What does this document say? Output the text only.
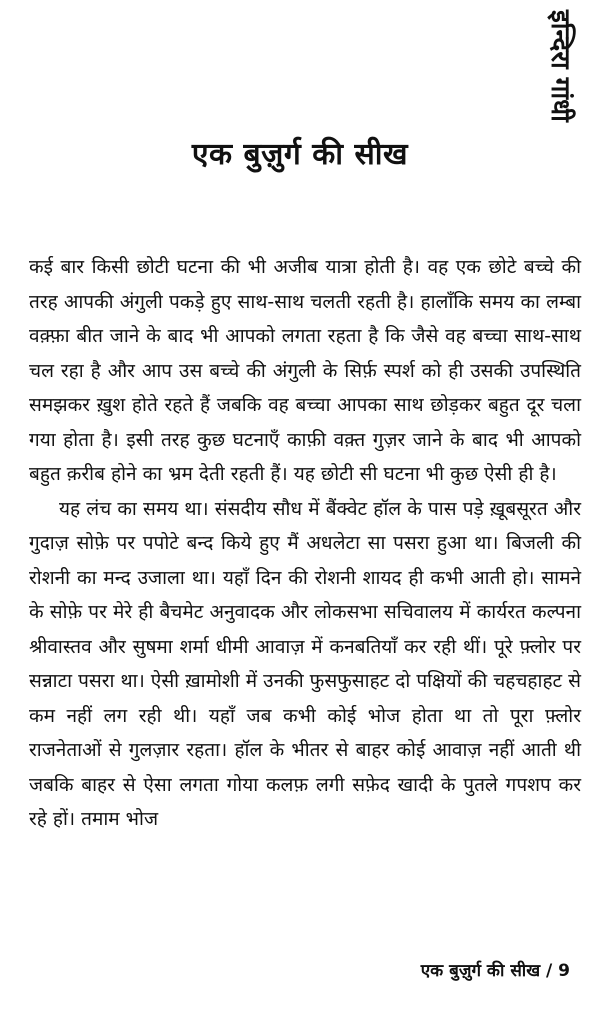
इन्दिरा गांधी
एक बुज़ुर्ग की सीख

कई बार किसी छोटी घटना की भी अजीब यात्रा होती है। वह एक छोटे बच्चे की तरह आपकी अंगुली पकड़े हुए साथ-साथ चलती रहती है। हालाँकि समय का लम्बा वक़्फ़ा बीत जाने के बाद भी आपको लगता रहता है कि जैसे वह बच्चा साथ-साथ चल रहा है और आप उस बच्चे की अंगुली के सिर्फ़ स्पर्श को ही उसकी उपस्थिति समझकर ख़ुश होते रहते हैं जबकि वह बच्चा आपका साथ छोड़कर बहुत दूर चला गया होता है। इसी तरह कुछ घटनाएँ काफ़ी वक़्त गुज़र जाने के बाद भी आपको बहुत क़रीब होने का भ्रम देती रहती हैं। यह छोटी सी घटना भी कुछ ऐसी ही है।

यह लंच का समय था। संसदीय सौध में बैंक्वेट हॉल के पास पड़े ख़ूबसूरत और गुदाज़ सोफ़े पर पपोटे बन्द किये हुए मैं अधलेटा सा पसरा हुआ था। बिजली की रोशनी का मन्द उजाला था। यहाँ दिन की रोशनी शायद ही कभी आती हो। सामने के सोफ़े पर मेरे ही बैचमेट अनुवादक और लोकसभा सचिवालय में कार्यरत कल्पना श्रीवास्तव और सुषमा शर्मा धीमी आवाज़ में कनबतियाँ कर रही थीं। पूरे फ़्लोर पर सन्नाटा पसरा था। ऐसी ख़ामोशी में उनकी फुसफुसाहट दो पक्षियों की चहचहाहट से कम नहीं लग रही थी। यहाँ जब कभी कोई भोज होता था तो पूरा फ़्लोर राजनेताओं से गुलज़ार रहता। हॉल के भीतर से बाहर कोई आवाज़ नहीं आती थी जबकि बाहर से ऐसा लगता गोया कलफ़ लगी सफ़ेद खादी के पुतले गपशप कर रहे हों। तमाम भोज

एक बुज़ुर्ग की सीख / 9
